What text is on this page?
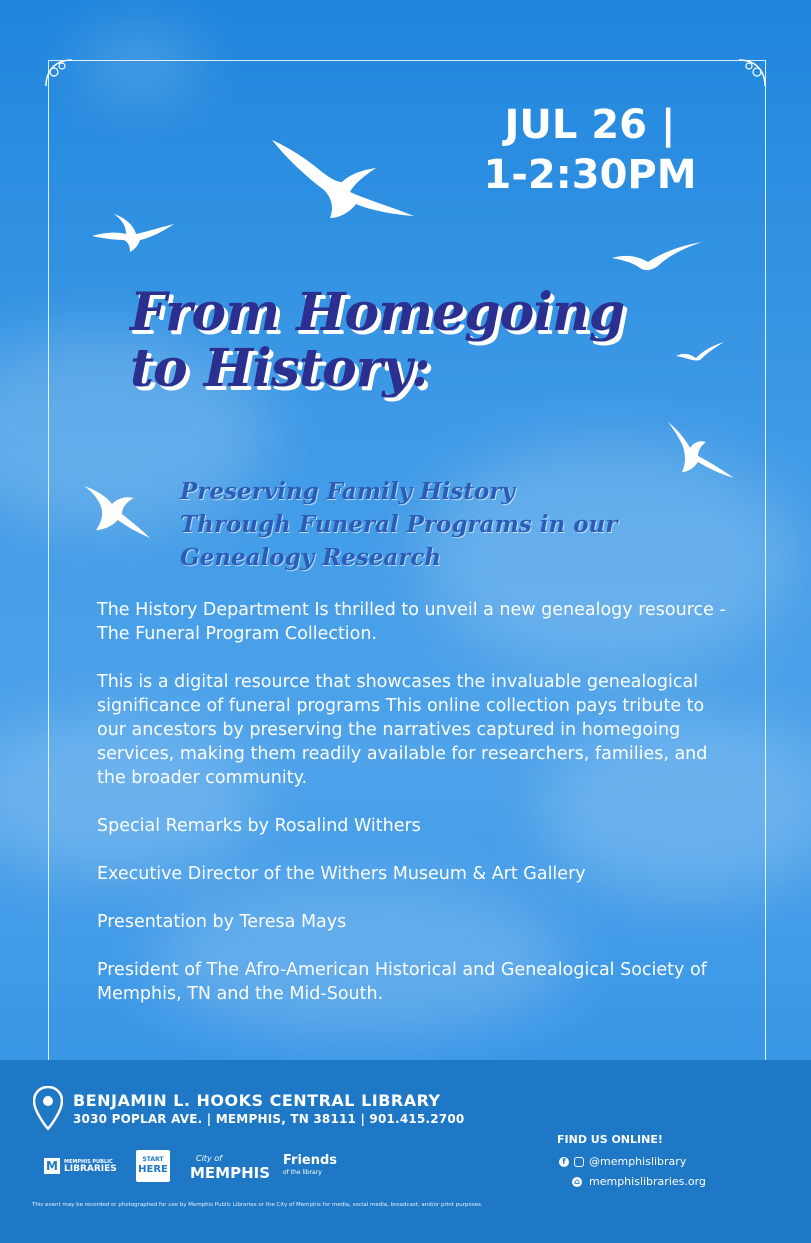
JUL 26 |
1-2:30PM
From Homegoing
to History:
Preserving Family History
Through Funeral Programs in our
Genealogy Research

The History Department Is thrilled to unveil a new genealogy resource - The Funeral Program Collection.

This is a digital resource that showcases the invaluable genealogical significance of funeral programs This online collection pays tribute to our ancestors by preserving the narratives captured in homegoing services, making them readily available for researchers, families, and the broader community.

Special Remarks by Rosalind Withers

Executive Director of the Withers Museum & Art Gallery

Presentation by Teresa Mays

President of The Afro-American Historical and Genealogical Society of Memphis, TN and the Mid-South.

BENJAMIN L. HOOKS CENTRAL LIBRARY
3030 POPLAR AVE. | MEMPHIS, TN 38111 | 901.415.2700
M	MEMPHIS PUBLIC
LIBRARIES
START
HERE
City of
MEMPHIS
Friends
of the library
FIND US ONLINE!
f @memphislibrary
⌂ memphislibraries.org
This event may be recorded or photographed for use by Memphis Public Libraries or the City of Memphis for media, social media, broadcast, and/or print purposes.
